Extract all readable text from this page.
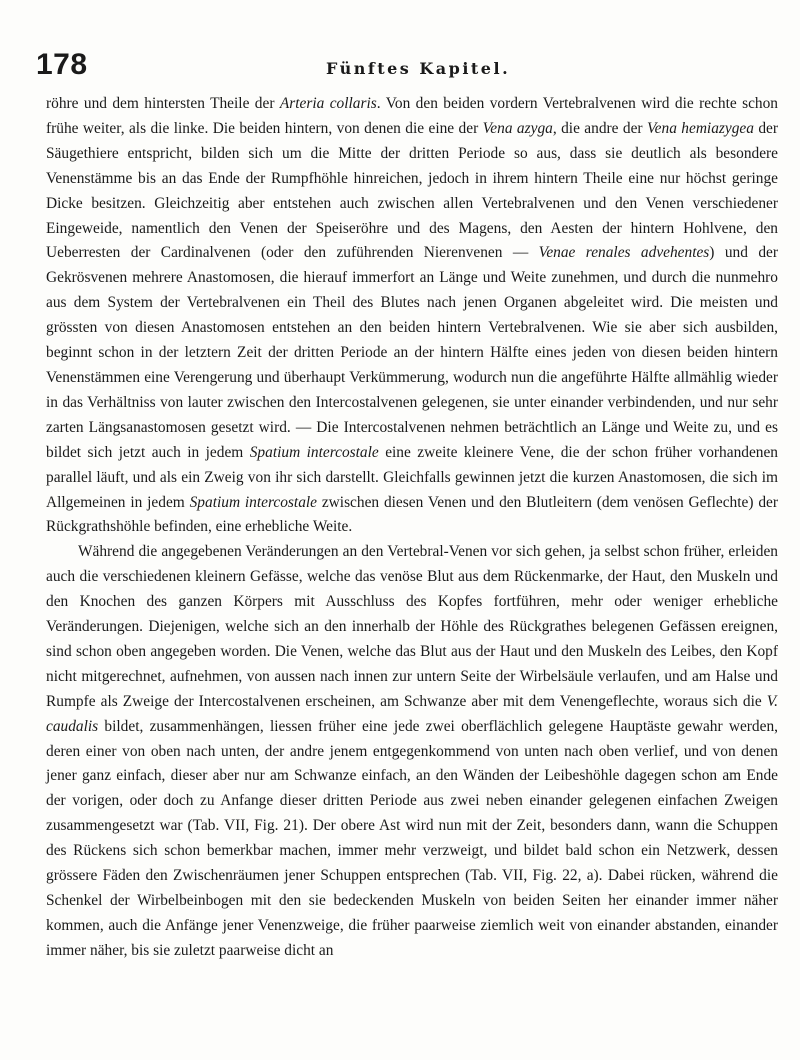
178	Fünftes Kapitel.

röhre und dem hintersten Theile der Arteria collaris. Von den beiden vordern Vertebralvenen wird die rechte schon frühe weiter, als die linke. Die beiden hintern, von denen die eine der Vena azyga, die andre der Vena hemiazygea der Säugethiere entspricht, bilden sich um die Mitte der dritten Periode so aus, dass sie deutlich als besondere Venenstämme bis an das Ende der Rumpfhöhle hinreichen, jedoch in ihrem hintern Theile eine nur höchst geringe Dicke besitzen. Gleichzeitig aber entstehen auch zwischen allen Vertebralvenen und den Venen verschiedener Eingeweide, namentlich den Venen der Speiseröhre und des Magens, den Aesten der hintern Hohlvene, den Ueberresten der Cardinalvenen (oder den zuführenden Nierenvenen — Venae renales advehentes) und der Gekrösvenen mehrere Anastomosen, die hierauf immerfort an Länge und Weite zunehmen, und durch die nunmehro aus dem System der Vertebralvenen ein Theil des Blutes nach jenen Organen abgeleitet wird. Die meisten und grössten von diesen Anastomosen entstehen an den beiden hintern Vertebralvenen. Wie sie aber sich ausbilden, beginnt schon in der letztern Zeit der dritten Periode an der hintern Hälfte eines jeden von diesen beiden hintern Venenstämmen eine Verengerung und überhaupt Verkümmerung, wodurch nun die angeführte Hälfte allmählig wieder in das Verhältniss von lauter zwischen den Intercostalvenen gelegenen, sie unter einander verbindenden, und nur sehr zarten Längsanastomosen gesetzt wird. — Die Intercostalvenen nehmen beträchtlich an Länge und Weite zu, und es bildet sich jetzt auch in jedem Spatium intercostale eine zweite kleinere Vene, die der schon früher vorhandenen parallel läuft, und als ein Zweig von ihr sich darstellt. Gleichfalls gewinnen jetzt die kurzen Anastomosen, die sich im Allgemeinen in jedem Spatium intercostale zwischen diesen Venen und den Blutleitern (dem venösen Geflechte) der Rückgrathshöhle befinden, eine erhebliche Weite.

Während die angegebenen Veränderungen an den Vertebral-Venen vor sich gehen, ja selbst schon früher, erleiden auch die verschiedenen kleinern Gefässe, welche das venöse Blut aus dem Rückenmarke, der Haut, den Muskeln und den Knochen des ganzen Körpers mit Ausschluss des Kopfes fortführen, mehr oder weniger erhebliche Veränderungen. Diejenigen, welche sich an den innerhalb der Höhle des Rückgrathes belegenen Gefässen ereignen, sind schon oben angegeben worden. Die Venen, welche das Blut aus der Haut und den Muskeln des Leibes, den Kopf nicht mitgerechnet, aufnehmen, von aussen nach innen zur untern Seite der Wirbelsäule verlaufen, und am Halse und Rumpfe als Zweige der Intercostalvenen erscheinen, am Schwanze aber mit dem Venengeflechte, woraus sich die V. caudalis bildet, zusammenhängen, liessen früher eine jede zwei oberflächlich gelegene Hauptäste gewahr werden, deren einer von oben nach unten, der andre jenem entgegenkommend von unten nach oben verlief, und von denen jener ganz einfach, dieser aber nur am Schwanze einfach, an den Wänden der Leibeshöhle dagegen schon am Ende der vorigen, oder doch zu Anfange dieser dritten Periode aus zwei neben einander gelegenen einfachen Zweigen zusammengesetzt war (Tab. VII, Fig. 21). Der obere Ast wird nun mit der Zeit, besonders dann, wann die Schuppen des Rückens sich schon bemerkbar machen, immer mehr verzweigt, und bildet bald schon ein Netzwerk, dessen grössere Fäden den Zwischenräumen jener Schuppen entsprechen (Tab. VII, Fig. 22, a). Dabei rücken, während die Schenkel der Wirbelbeinbogen mit den sie bedeckenden Muskeln von beiden Seiten her einander immer näher kommen, auch die Anfänge jener Venenzweige, die früher paarweise ziemlich weit von einander abstanden, einander immer näher, bis sie zuletzt paarweise dicht an
